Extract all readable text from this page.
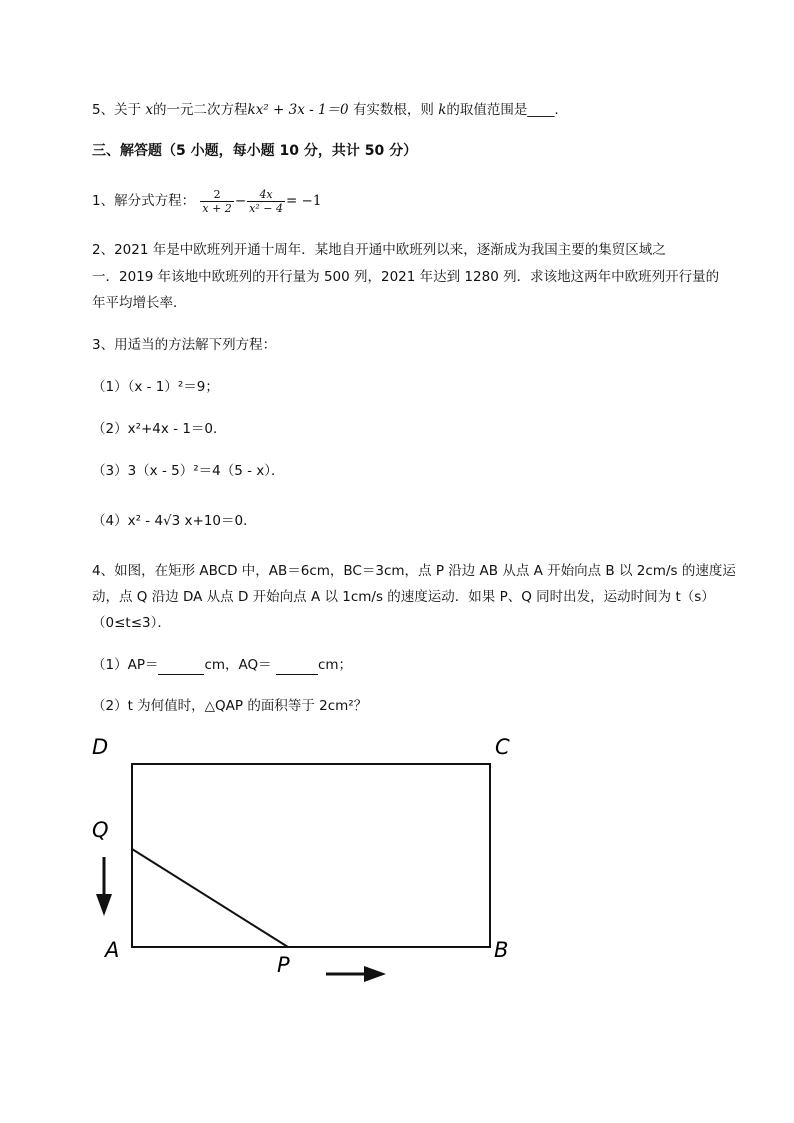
5、关于 x的一元二次方程kx² + 3x - 1＝0 有实数根，则 k的取值范围是____.
三、解答题（5 小题，每小题 10 分，共计 50 分）
1、解分式方程： $\frac{2}{x + 2} - \frac{4x}{\text{x² − 4}} = -1$
2、2021 年是中欧班列开通十周年．某地自开通中欧班列以来，逐渐成为我国主要的集贸区域之
一．2019 年该地中欧班列的开行量为 500 列，2021 年达到 1280 列．求该地这两年中欧班列开行量的
年平均增长率．
3、用适当的方法解下列方程：
（1）（x - 1）²＝9；
（2）x²+4x - 1＝0．
（3）3（x - 5）²＝4（5 - x）．
（4）x² - 4√3 x+10＝0．
4、如图，在矩形 ABCD 中，AB＝6cm，BC＝3cm，点 P 沿边 AB 从点 A 开始向点 B 以 2cm/s 的速度运
动，点 Q 沿边 DA 从点 D 开始向点 A 以 1cm/s 的速度运动．如果 P、Q 同时出发，运动时间为 t（s）
（0≤t≤3）．
（1）AP＝	cm，AQ＝	cm；
（2）t 为何值时，△QAP 的面积等于 2cm²？
D	C
Q
A
P
B
